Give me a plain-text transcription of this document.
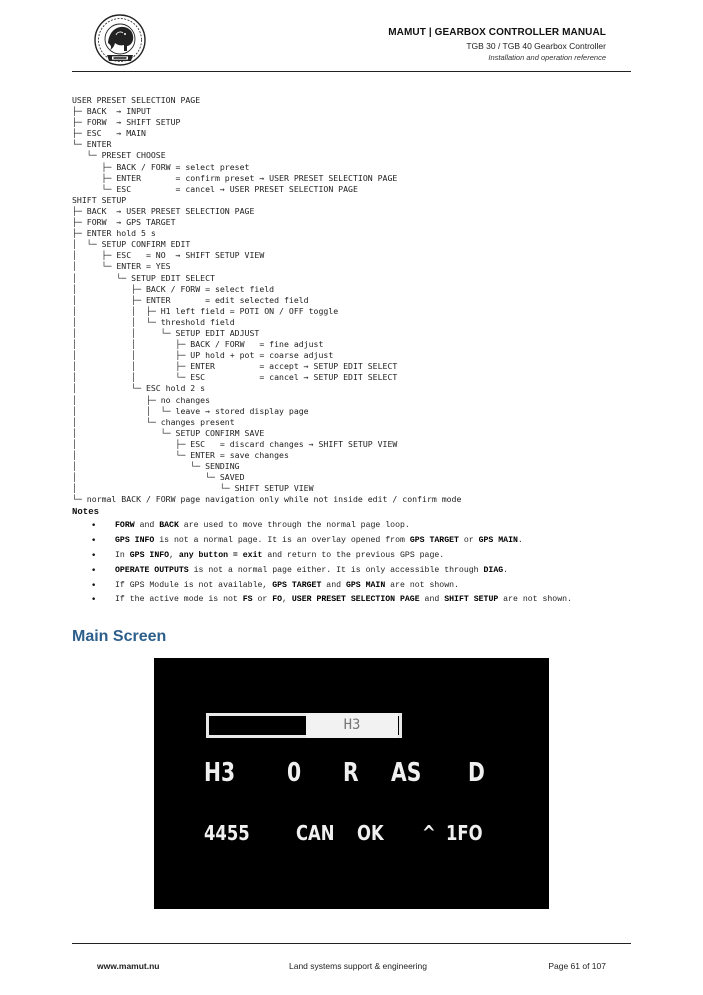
MAMUT | GEARBOX CONTROLLER MANUAL
TGB 30 / TGB 40 Gearbox Controller
Installation and operation reference
USER PRESET SELECTION PAGE
├─ BACK  → INPUT
├─ FORW  → SHIFT SETUP
├─ ESC   → MAIN
└─ ENTER
└─ PRESET CHOOSE
├─ BACK / FORW = select preset
├─ ENTER       = confirm preset → USER PRESET SELECTION PAGE
└─ ESC         = cancel → USER PRESET SELECTION PAGE
SHIFT SETUP
├─ BACK  → USER PRESET SELECTION PAGE
├─ FORW  → GPS TARGET
├─ ENTER hold 5 s
│  └─ SETUP CONFIRM EDIT
│     ├─ ESC   = NO  → SHIFT SETUP VIEW
│     └─ ENTER = YES
│        └─ SETUP EDIT SELECT
│           ├─ BACK / FORW = select field
│           ├─ ENTER       = edit selected field
│           │  ├─ H1 left field = POTI ON / OFF toggle
│           │  └─ threshold field
│           │     └─ SETUP EDIT ADJUST
│           │        ├─ BACK / FORW   = fine adjust
│           │        ├─ UP hold + pot = coarse adjust
│           │        ├─ ENTER         = accept → SETUP EDIT SELECT
│           │        └─ ESC           = cancel → SETUP EDIT SELECT
│           └─ ESC hold 2 s
│              ├─ no changes
│              │  └─ leave → stored display page
│              └─ changes present
│                 └─ SETUP CONFIRM SAVE
│                    ├─ ESC   = discard changes → SHIFT SETUP VIEW
│                    └─ ENTER = save changes
│                       └─ SENDING
│                          └─ SAVED
│                             └─ SHIFT SETUP VIEW
└─ normal BACK / FORW page navigation only while not inside edit / confirm mode
Notes
• FORW and BACK are used to move through the normal page loop.
• GPS INFO is not a normal page. It is an overlay opened from GPS TARGET or GPS MAIN.
• In GPS INFO, any button = exit and return to the previous GPS page.
• OPERATE OUTPUTS is not a normal page either. It is only accessible through DIAG.
• If GPS Module is not available, GPS TARGET and GPS MAIN are not shown.
• If the active mode is not FS or FO, USER PRESET SELECTION PAGE and SHIFT SETUP are not shown.
Main Screen
H3
H3 0 R AS D
4455 CAN OK ^ 1FO
www.mamut.nu	Land systems support & engineering	Page 61 of 107
